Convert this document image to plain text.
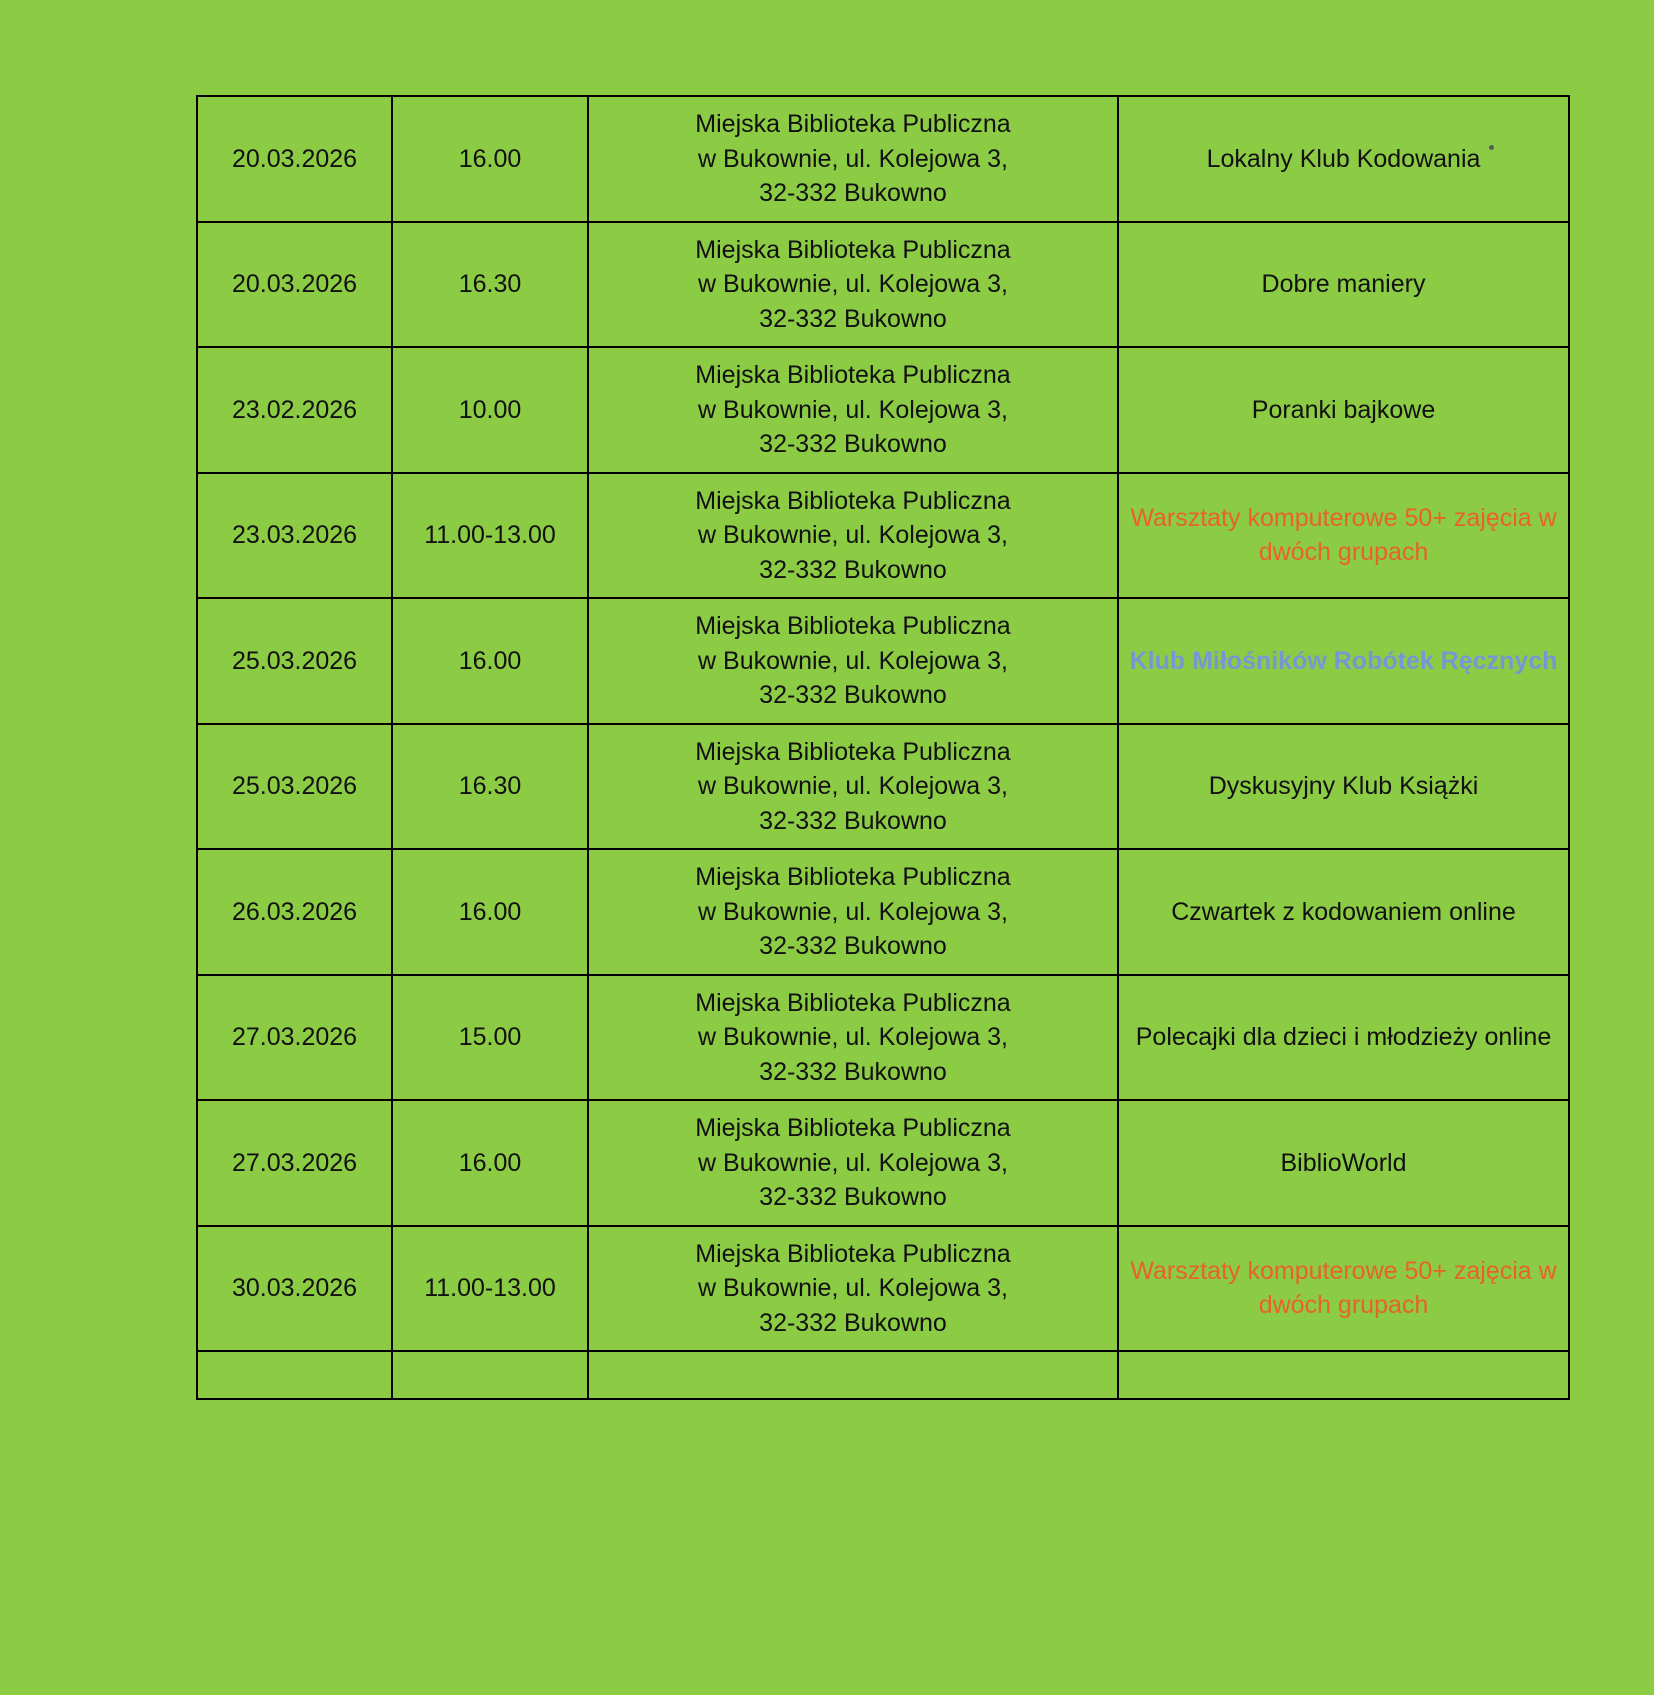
20.03.2026	16.00	Miejska Biblioteka Publiczna
w Bukownie, ul. Kolejowa 3,
32-332 Bukowno	Lokalny Klub Kodowania
20.03.2026	16.30	Miejska Biblioteka Publiczna
w Bukownie, ul. Kolejowa 3,
32-332 Bukowno	Dobre maniery
23.02.2026	10.00	Miejska Biblioteka Publiczna
w Bukownie, ul. Kolejowa 3,
32-332 Bukowno	Poranki bajkowe
23.03.2026	11.00-13.00	Miejska Biblioteka Publiczna
w Bukownie, ul. Kolejowa 3,
32-332 Bukowno	Warsztaty komputerowe 50+ zajęcia w dwóch grupach
25.03.2026	16.00	Miejska Biblioteka Publiczna
w Bukownie, ul. Kolejowa 3,
32-332 Bukowno	Klub Miłośników Robótek Ręcznych
25.03.2026	16.30	Miejska Biblioteka Publiczna
w Bukownie, ul. Kolejowa 3,
32-332 Bukowno	Dyskusyjny Klub Książki
26.03.2026	16.00	Miejska Biblioteka Publiczna
w Bukownie, ul. Kolejowa 3,
32-332 Bukowno	Czwartek z kodowaniem online
27.03.2026	15.00	Miejska Biblioteka Publiczna
w Bukownie, ul. Kolejowa 3,
32-332 Bukowno	Polecajki dla dzieci i młodzieży online
27.03.2026	16.00	Miejska Biblioteka Publiczna
w Bukownie, ul. Kolejowa 3,
32-332 Bukowno	BiblioWorld
30.03.2026	11.00-13.00	Miejska Biblioteka Publiczna
w Bukownie, ul. Kolejowa 3,
32-332 Bukowno	Warsztaty komputerowe 50+ zajęcia w dwóch grupach
